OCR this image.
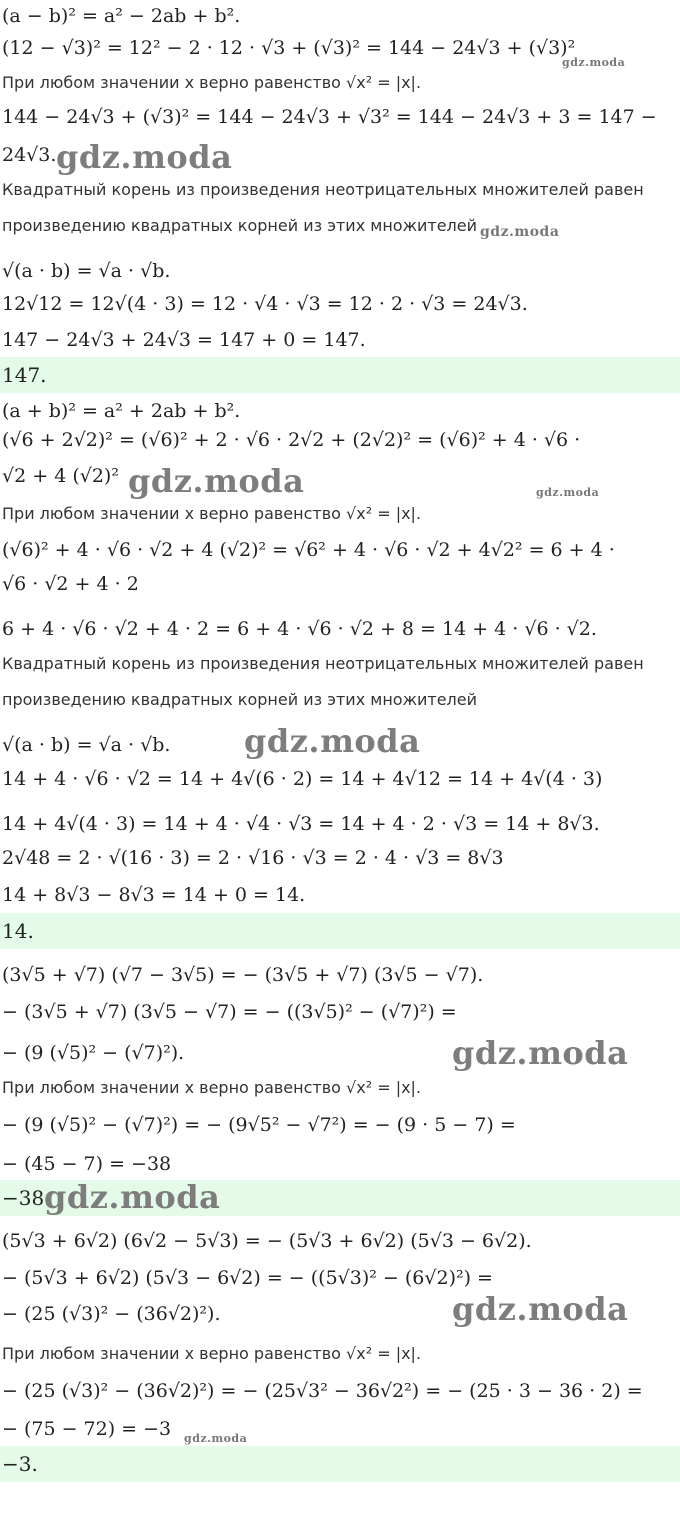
(a − b)² = a² − 2ab + b².
(12 − √3)² = 12² − 2 · 12 · √3 + (√3)² = 144 − 24√3 + (√3)²
gdz.moda
При любом значении x верно равенство √x² = |x|.
144 − 24√3 + (√3)² = 144 − 24√3 + √3² = 144 − 24√3 + 3 = 147 −
24√3. gdz.moda
Квадратный корень из произведения неотрицательных множителей равен
произведению квадратных корней из этих множителей gdz.moda
√(a · b) = √a · √b.
12√12 = 12√(4 · 3) = 12 · √4 · √3 = 12 · 2 · √3 = 24√3.
147 − 24√3 + 24√3 = 147 + 0 = 147.
147.
(a + b)² = a² + 2ab + b².
(√6 + 2√2)² = (√6)² + 2 · √6 · 2√2 + (2√2)² = (√6)² + 4 · √6 ·
√2 + 4 (√2)² gdz.moda	gdz.moda
При любом значении x верно равенство √x² = |x|.
(√6)² + 4 · √6 · √2 + 4 (√2)² = √6² + 4 · √6 · √2 + 4√2² = 6 + 4 ·
√6 · √2 + 4 · 2
6 + 4 · √6 · √2 + 4 · 2 = 6 + 4 · √6 · √2 + 8 = 14 + 4 · √6 · √2.
Квадратный корень из произведения неотрицательных множителей равен
произведению квадратных корней из этих множителей
√(a · b) = √a · √b. gdz.moda
14 + 4 · √6 · √2 = 14 + 4√(6 · 2) = 14 + 4√12 = 14 + 4√(4 · 3)
14 + 4√(4 · 3) = 14 + 4 · √4 · √3 = 14 + 4 · 2 · √3 = 14 + 8√3.
2√48 = 2 · √(16 · 3) = 2 · √16 · √3 = 2 · 4 · √3 = 8√3
14 + 8√3 − 8√3 = 14 + 0 = 14.
14.
(3√5 + √7) (√7 − 3√5) = − (3√5 + √7) (3√5 − √7).
− (3√5 + √7) (3√5 − √7) = − ((3√5)² − (√7)²) =
− (9 (√5)² − (√7)²).	gdz.moda
При любом значении x верно равенство √x² = |x|.
− (9 (√5)² − (√7)²) = − (9√5² − √7²) = − (9 · 5 − 7) =
− (45 − 7) = −38
−38.
gdz.moda
(5√3 + 6√2) (6√2 − 5√3) = − (5√3 + 6√2) (5√3 − 6√2).
− (5√3 + 6√2) (5√3 − 6√2) = − ((5√3)² − (6√2)²) =
− (25 (√3)² − (36√2)²).	gdz.moda
При любом значении x верно равенство √x² = |x|.
− (25 (√3)² − (36√2)²) = − (25√3² − 36√2²) = − (25 · 3 − 36 · 2) =
− (75 − 72) = −3 gdz.moda
−3.
